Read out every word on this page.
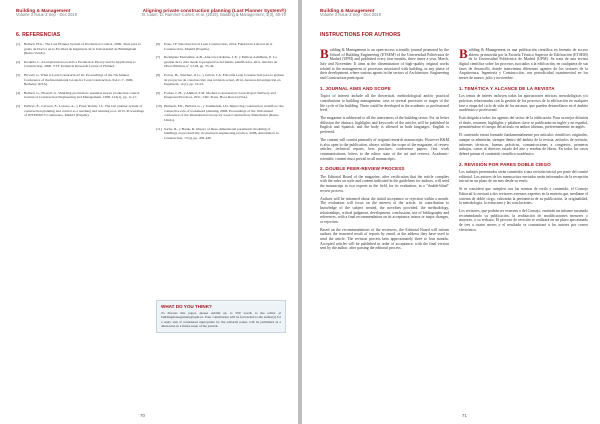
Building & Management
Volume 3 Issue 3 Sep - Dec 2019
Aligning private construction planning (Last Planner System®)
B. Laam, D. Ramírez-Cortes, et al. (2019). Building & Management, 3(3), 60-70
6. REFERENCIAS
[1] Ballard, H.G., The Last Planner System of Production Control, 2000, Tesis para el grado de Doctor en la Facultad de Ingeniería de la Universidad de Birmingham (Reino Unido).
[2] Koskela, L. An exploration towards a Production Theory and its Application to Construction, 2000. VTT Technical Research Centre of Finland.
[3] Howell, G. What is Lean Construction? In: Proceedings of the 7th Annual Conference of the International Group for Lean Construction, IGLC-7, 1999, Berkeley (USA).
[4] Ballard, G., Howell, G. Shielding production: essential step in production control. Journal of Construction Engineering and Management, 1998, 124(1), pp. 11-17.
[5] Pellicer, E., Cerveró, F., Lozano, A., y Ponz-Tienda, J.L. The last planner system of construction planning and control as a teaching and learning tool, 2015, Proceedings of INTED2015 Conference, Madrid (España).
[6] Pons, J.F. Introducción al Lean Construction, 2014, Fundación Laboral de la Construcción, Madrid (España).
[7] Rodríguez Fernández, A.B., Alarcón Cárdenas, L.F., y Pellicer Armiñana, E. La gestión de la obra desde la perspectiva del último planificador, 2011, Revista de Obras Públicas nº 3.518, pp. 35-44.
[8] Porras, H., Sánchez, O.G., y Galvis, J.A. Filosofía Lean Construction para la gestión de proyectos de construcción: una revisión actual, 2014, Avances Investigación en Ingeniería, 11(1), pp. 32-53.
[9] Forbes, L.H., y Ahmed, S.M. Modern Construction: Lean Project Delivery and Integrated Practices, 2011, CRC Press, Boca Raton (USA).
[10] Hamzeh, F.R., Ballard, G., y Tommelein, I.D. Improving construction workflow: the connective role of lookahead planning, 2008, Proceedings of the 16th annual conference of the International Group for Lean Construction, Manchester (Reino Unido).
[11] Sacks, R., y Barak, R. Impact of three-dimensional parametric modeling of buildings on productivity in structural engineering practice, 2008, Automation in Construction, 17(4), pp. 439-449.
WHAT DO YOU THINK?
To discuss this paper, please submit up to 500 words to the editor at buildingmanagement@upm.es. Your contribution will be forwarded to the author(s) for a reply and, if considered appropriate by the editorial panel, will be published as a discussion in a future issue of the journal.
70
Building & Management
Volume 3 Issue 3 Sep - Dec 2019
INSTRUCTIONS FOR AUTHORS

Building & Management is an open-access scientific journal promoted by the School of Building Engineering (ETSEM) of the Universidad Politécnica de Madrid (UPM) and published every four months, three times a year, March, July and November. It aims at the dissemination of high-quality original works related to the management of processes associated with building, in any phase of their development, where various agents in the sectors of Architecture, Engineering and Construction participate.

1. JOURNAL AIMS AND SCOPE

Topics of interest include all the theoretical, methodological and/or practical contributions to building management: case or several processes or stages of the life cycle of the building. These could be developed in the academic or professional level.

The magazine is addressed to all the interveners of the building sector. For its better diffusion the abstract, highlights and keywords of the articles will be published in English and Spanish, and the body is allowed in both languages. English is preferred.

The content will consist primarily of original research manuscripts. However B&M is also open to the publication, always within the scope of the magazine, of review articles, technical reports, best practices, conference papers, first work communications, letters to the editor, state of the art and reviews. Academic-scientific content must prevail in all manuscripts.

2. DOUBLE PEER-REVIEW PROCESS

The Editorial Board of the magazine, after verification that the article complies with the rules on style and content indicated in the guidelines for authors, will send the manuscript to two experts in the field, for its evaluation, in a "double-blind" review process.

Authors will be informed about the initial acceptance or rejection within a month. The evaluation will focus on the interest of the article, its contribution to knowledge of the subject treated, the novelties provided, the methodology, relationships, critical judgment, development, conclusions, use of bibliography and references, with a final recommendation on its acceptance, minor or major changes, or rejection.

Based on the recommendations of the reviewers, the Editorial Board will inform authors the reasoned result of reports by email, at the address they have used to send the article. The revision process lasts approximately three to four months. Accepted articles will be published in order of acceptance, with the final version sent by the author, after passing the editorial process.

Building & Management es una publicación científica en formato de acceso abierto promovida por la Escuela Técnica Superior de Edificación (ETSEM) de la Universidad Politécnica de Madrid (UPM). Se trata de una revista digital científica sobre los procesos asociados a la edificación, en cualquiera de sus fases de desarrollo, donde intervienen diferentes agentes de los sectores de la Arquitectura, Ingeniería y Construcción, con periodicidad cuatrimestral en los meses de marzo, julio y noviembre.

1. TEMÁTICA Y ALCANCE DE LA REVISTA

Los temas de interés incluyen todas las aportaciones teóricas, metodológicas y/o prácticas relacionadas con la gestión de los procesos de la edificación en cualquier fase o etapa del ciclo de vida de los mismos, que pueden desarrollarse en el ámbito académico o profesional.

Está dirigida a todos los agentes del sector de la edificación. Para su mejor difusión el título, resumen, highlights y palabras clave se publicarán en inglés y en español, permitiéndose el cuerpo del artículo en ambos idiomas, preferentemente en inglés.

El contenido estará formado fundamentalmente por artículos científicos originales, aunque se admitirán, siempre dentro del ámbito de la revista, artículos de revisión, informes técnicos, buenas prácticas, comunicaciones a congresos, primeros trabajos, cartas al director, estado del arte y reseñas de libros. En todos los casos deberá primar el contenido científico-académico.

2. REVISIÓN POR PARES DOBLE CIEGO

Los trabajos presentados serán sometidos a una revisión inicial por parte del comité editorial. Los autores de los manuscritos enviados serán informados de la recepción inicial en un plazo de un mes desde su envío.

Si se considera que cumplen con las normas de estilo y contenido, el Consejo Editorial lo enviará a dos revisores externos expertos en la materia que, mediante el sistema de doble ciego, valorarán la pertinencia de su publicación, la originalidad, la metodología, la estructura y las conclusiones.

Los revisores, que podrán ser externos o del Consejo, emitirán un informe razonado recomendando su publicación, la realización de modificaciones menores o mayores, o su rechazo. El proceso de revisión se realizará en un plazo aproximado de tres a cuatro meses y el resultado se comunicará a los autores por correo electrónico.

71
